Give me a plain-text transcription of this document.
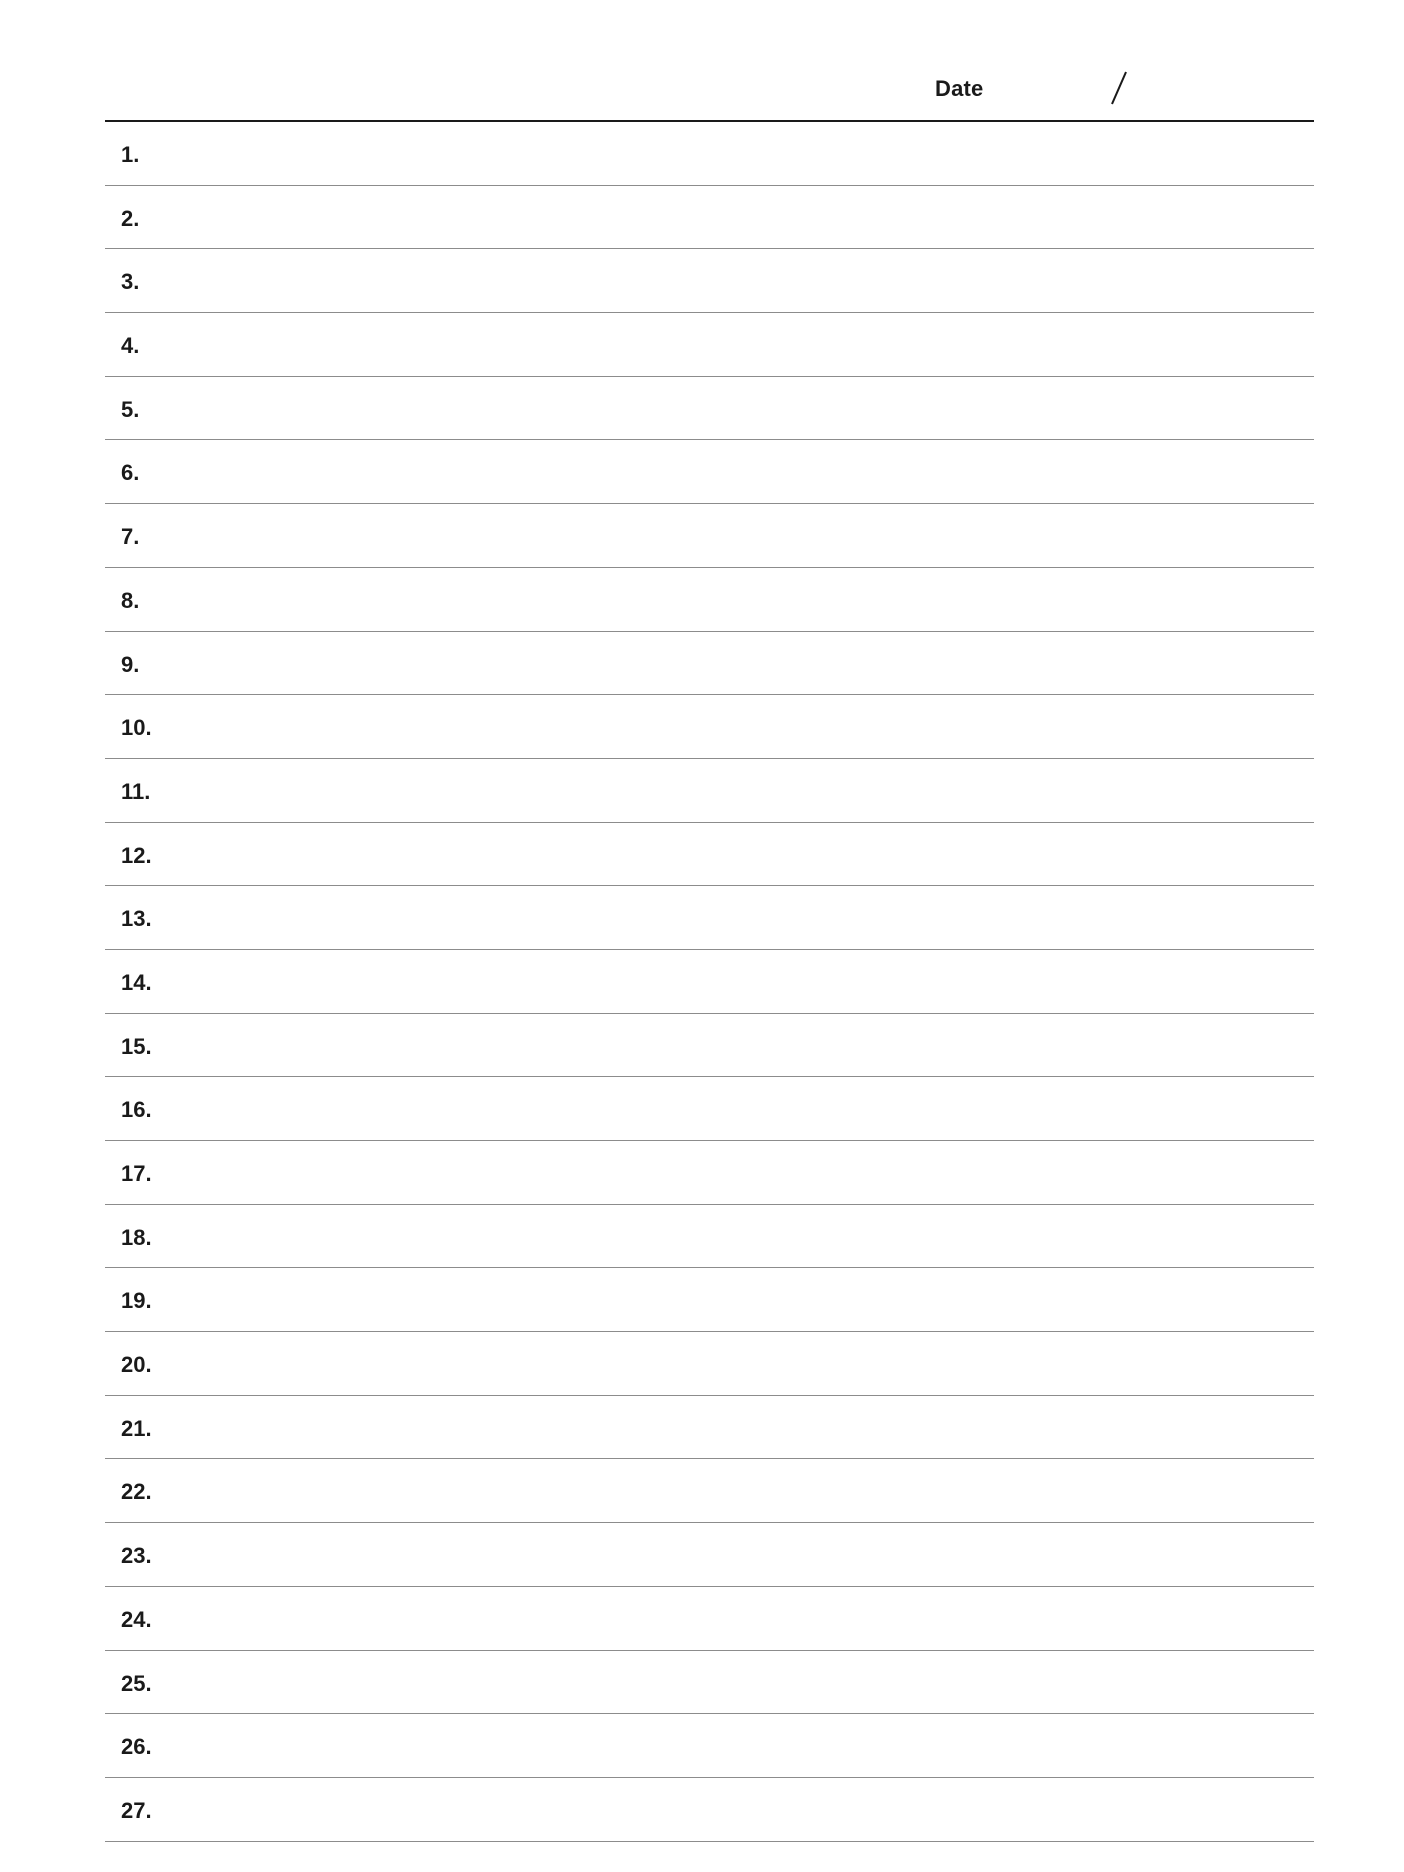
Date
1.
2.
3.
4.
5.
6.
7.
8.
9.
10.
11.
12.
13.
14.
15.
16.
17.
18.
19.
20.
21.
22.
23.
24.
25.
26.
27.
